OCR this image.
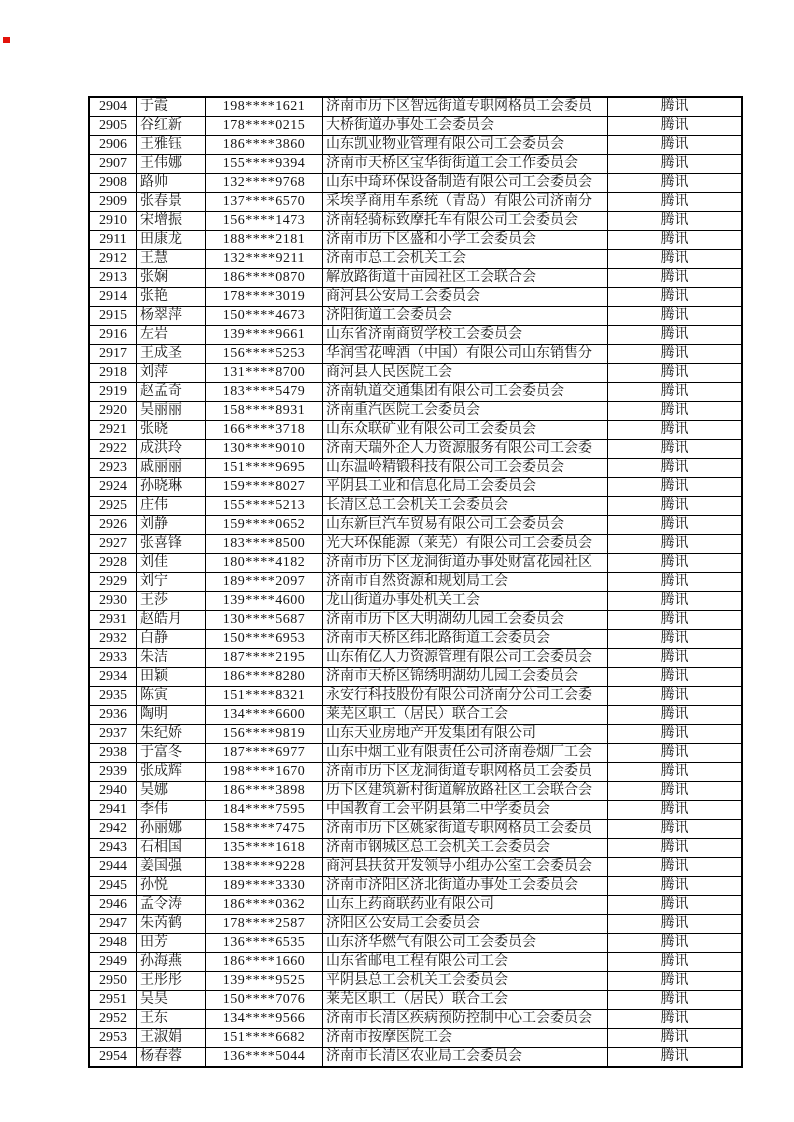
2904	于霞	198****1621	济南市历下区智远街道专职网格员工会委员	腾讯
2905	谷红新	178****0215	大桥街道办事处工会委员会	腾讯
2906	王雅钰	186****3860	山东凯业物业管理有限公司工会委员会	腾讯
2907	王伟娜	155****9394	济南市天桥区宝华街街道工会工作委员会	腾讯
2908	路帅	132****9768	山东中琦环保设备制造有限公司工会委员会	腾讯
2909	张春景	137****6570	采埃孚商用车系统（青岛）有限公司济南分	腾讯
2910	宋增振	156****1473	济南轻骑标致摩托车有限公司工会委员会	腾讯
2911	田康龙	188****2181	济南市历下区盛和小学工会委员会	腾讯
2912	王慧	132****9211	济南市总工会机关工会	腾讯
2913	张娴	186****0870	解放路街道十亩园社区工会联合会	腾讯
2914	张艳	178****3019	商河县公安局工会委员会	腾讯
2915	杨翠萍	150****4673	济阳街道工会委员会	腾讯
2916	左岩	139****9661	山东省济南商贸学校工会委员会	腾讯
2917	王成圣	156****5253	华润雪花啤酒（中国）有限公司山东销售分	腾讯
2918	刘萍	131****8700	商河县人民医院工会	腾讯
2919	赵孟奇	183****5479	济南轨道交通集团有限公司工会委员会	腾讯
2920	吴丽丽	158****8931	济南重汽医院工会委员会	腾讯
2921	张晓	166****3718	山东众联矿业有限公司工会委员会	腾讯
2922	成洪玲	130****9010	济南天瑞外企人力资源服务有限公司工会委	腾讯
2923	戚丽丽	151****9695	山东温岭精锻科技有限公司工会委员会	腾讯
2924	孙晓琳	159****8027	平阴县工业和信息化局工会委员会	腾讯
2925	庄伟	155****5213	长清区总工会机关工会委员会	腾讯
2926	刘静	159****0652	山东新巨汽车贸易有限公司工会委员会	腾讯
2927	张喜锋	183****8500	光大环保能源（莱芜）有限公司工会委员会	腾讯
2928	刘佳	180****4182	济南市历下区龙洞街道办事处财富花园社区	腾讯
2929	刘宁	189****2097	济南市自然资源和规划局工会	腾讯
2930	王莎	139****4600	龙山街道办事处机关工会	腾讯
2931	赵皓月	130****5687	济南市历下区大明湖幼儿园工会委员会	腾讯
2932	白静	150****6953	济南市天桥区纬北路街道工会委员会	腾讯
2933	朱洁	187****2195	山东侑亿人力资源管理有限公司工会委员会	腾讯
2934	田颖	186****8280	济南市天桥区锦绣明湖幼儿园工会委员会	腾讯
2935	陈寅	151****8321	永安行科技股份有限公司济南分公司工会委	腾讯
2936	陶明	134****6600	莱芜区职工（居民）联合工会	腾讯
2937	朱纪娇	156****9819	山东天业房地产开发集团有限公司	腾讯
2938	于富冬	187****6977	山东中烟工业有限责任公司济南卷烟厂工会	腾讯
2939	张成辉	198****1670	济南市历下区龙洞街道专职网格员工会委员	腾讯
2940	吴娜	186****3898	历下区建筑新村街道解放路社区工会联合会	腾讯
2941	李伟	184****7595	中国教育工会平阴县第二中学委员会	腾讯
2942	孙丽娜	158****7475	济南市历下区姚家街道专职网格员工会委员	腾讯
2943	石相国	135****1618	济南市钢城区总工会机关工会委员会	腾讯
2944	姜国强	138****9228	商河县扶贫开发领导小组办公室工会委员会	腾讯
2945	孙悦	189****3330	济南市济阳区济北街道办事处工会委员会	腾讯
2946	孟令涛	186****0362	山东上药商联药业有限公司	腾讯
2947	朱芮鹤	178****2587	济阳区公安局工会委员会	腾讯
2948	田芳	136****6535	山东济华燃气有限公司工会委员会	腾讯
2949	孙海燕	186****1660	山东省邮电工程有限公司工会	腾讯
2950	王彤彤	139****9525	平阴县总工会机关工会委员会	腾讯
2951	吴昊	150****7076	莱芜区职工（居民）联合工会	腾讯
2952	王东	134****9566	济南市长清区疾病预防控制中心工会委员会	腾讯
2953	王淑娟	151****6682	济南市按摩医院工会	腾讯
2954	杨春蓉	136****5044	济南市长清区农业局工会委员会	腾讯
